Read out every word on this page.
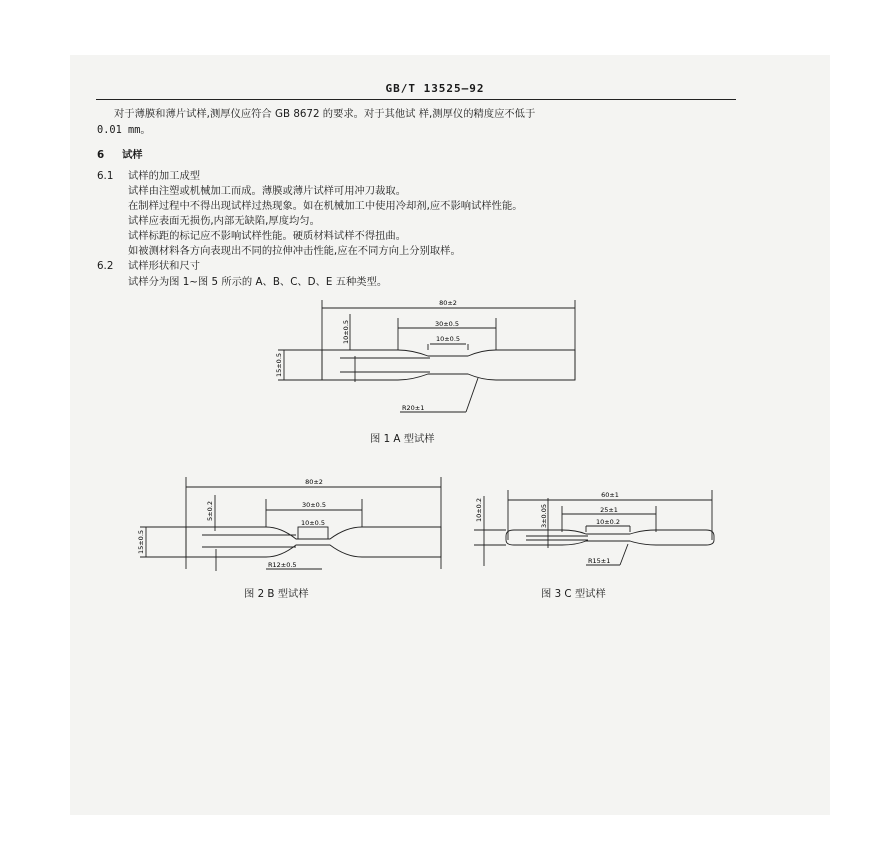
GB/T 13525—92
对于薄膜和薄片试样,测厚仪应符合 GB 8672 的要求。对于其他试 样,测厚仪的精度应不低于
0.01 mm。
6 试样
6.1 试样的加工成型
试样由注塑或机械加工而成。薄膜或薄片试样可用冲刀裁取。
在制样过程中不得出现试样过热现象。如在机械加工中使用冷却剂,应不影响试样性能。
试样应表面无损伤,内部无缺陷,厚度均匀。
试样标距的标记应不影响试样性能。硬质材料试样不得扭曲。
如被测材料各方向表现出不同的拉伸冲击性能,应在不同方向上分别取样。
6.2 试样形状和尺寸
试样分为图 1~图 5 所示的 A、B、C、D、E 五种类型。
80±2
30±0.5
10±0.5
15±0.5
10±0.5
R20±1
图 1 A 型试样
80±2
30±0.5
10±0.5
15±0.5
5±0.2
R12±0.5
图 2 B 型试样
60±1
25±1
10±0.2
10±0.2	3±0.05
R15±1
图 3 C 型试样
